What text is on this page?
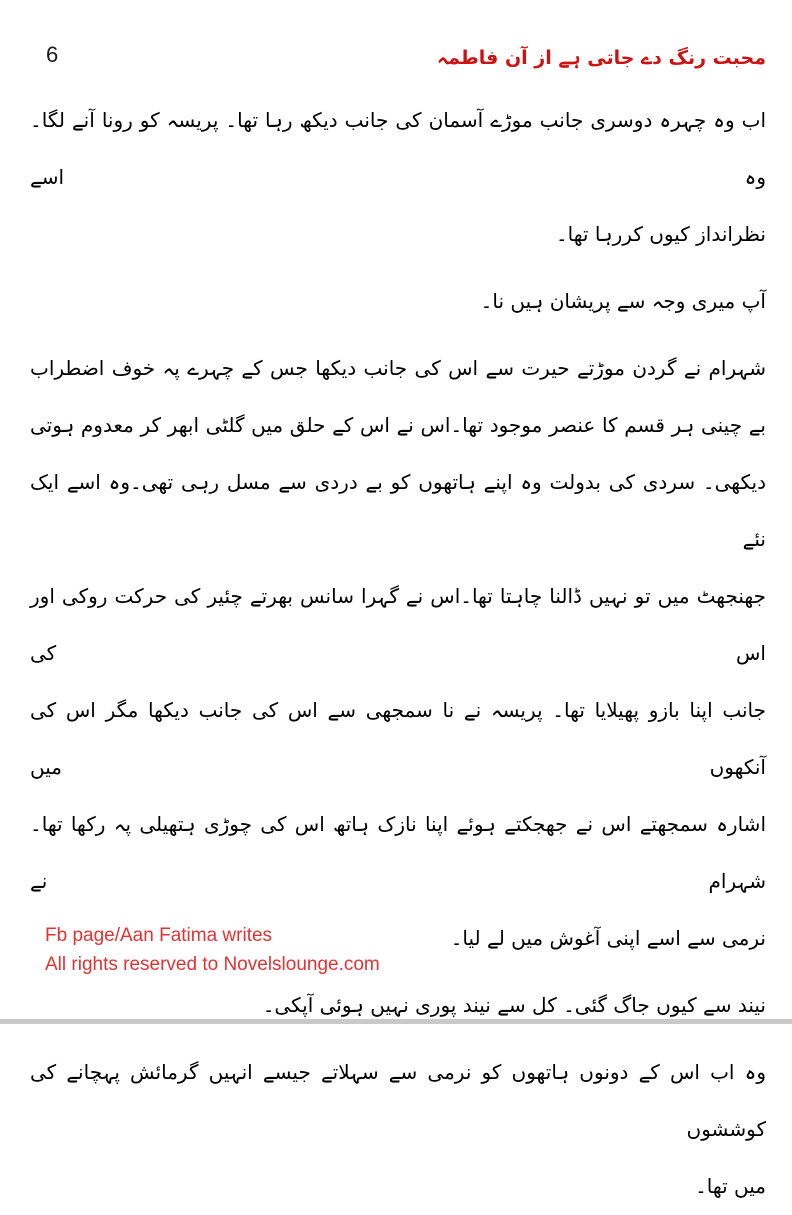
6	محبت رنگ دے جاتی ہے از آن فاطمہ
اب وہ چہرہ دوسری جانب موڑے آسمان کی جانب دیکھ رہا تھا۔ پریسہ کو رونا آنے لگا۔ وہ اسے
نظرانداز کیوں کررہا تھا۔
آپ میری وجہ سے پریشان ہیں نا۔
شہرام نے گردن موڑتے حیرت سے اس کی جانب دیکھا جس کے چہرے پہ خوف اضطراب
بے چینی ہر قسم کا عنصر موجود تھا۔اس نے اس کے حلق میں گلٹی ابھر کر معدوم ہوتی
دیکھی۔ سردی کی بدولت وہ اپنے ہاتھوں کو بے دردی سے مسل رہی تھی۔وہ اسے ایک نئے
جھنجھٹ میں تو نہیں ڈالنا چاہتا تھا۔اس نے گہرا سانس بھرتے چئیر کی حرکت روکی اور اس کی
جانب اپنا بازو پھیلایا تھا۔ پریسہ نے نا سمجھی سے اس کی جانب دیکھا مگر اس کی آنکھوں میں
اشارہ سمجھتے اس نے جھجکتے ہوئے اپنا نازک ہاتھ اس کی چوڑی ہتھیلی پہ رکھا تھا۔ شہرام نے
نرمی سے اسے اپنی آغوش میں لے لیا۔
نیند سے کیوں جاگ گئی۔ کل سے نیند پوری نہیں ہوئی آپکی۔
وہ اب اس کے دونوں ہاتھوں کو نرمی سے سہلاتے جیسے انہیں گرمائش پہچانے کی کوششوں
میں تھا۔
Fb page/Aan Fatima writes
All rights reserved to Novelslounge.com
